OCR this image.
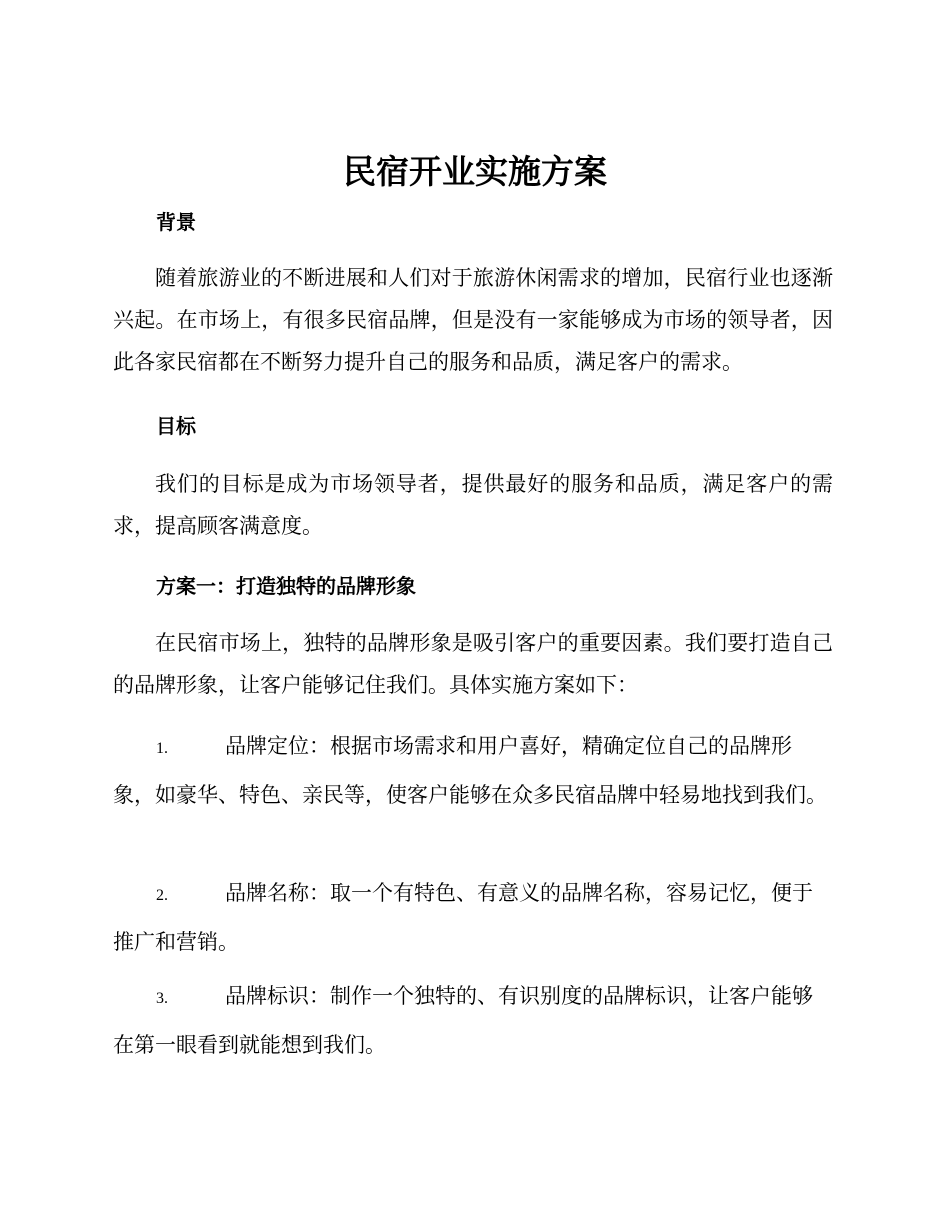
民宿开业实施方案
背景
随着旅游业的不断进展和人们对于旅游休闲需求的增加，民宿行业也逐渐兴起。在市场上，有很多民宿品牌，但是没有一家能够成为市场的领导者，因此各家民宿都在不断努力提升自己的服务和品质，满足客户的需求。
目标
我们的目标是成为市场领导者，提供最好的服务和品质，满足客户的需求，提高顾客满意度。
方案一：打造独特的品牌形象
在民宿市场上，独特的品牌形象是吸引客户的重要因素。我们要打造自己的品牌形象，让客户能够记住我们。具体实施方案如下：
1.	品牌定位：根据市场需求和用户喜好，精确定位自己的品牌形象，如豪华、特色、亲民等，使客户能够在众多民宿品牌中轻易地找到我们。
2.	品牌名称：取一个有特色、有意义的品牌名称，容易记忆，便于推广和营销。
3.	品牌标识：制作一个独特的、有识别度的品牌标识，让客户能够在第一眼看到就能想到我们。
